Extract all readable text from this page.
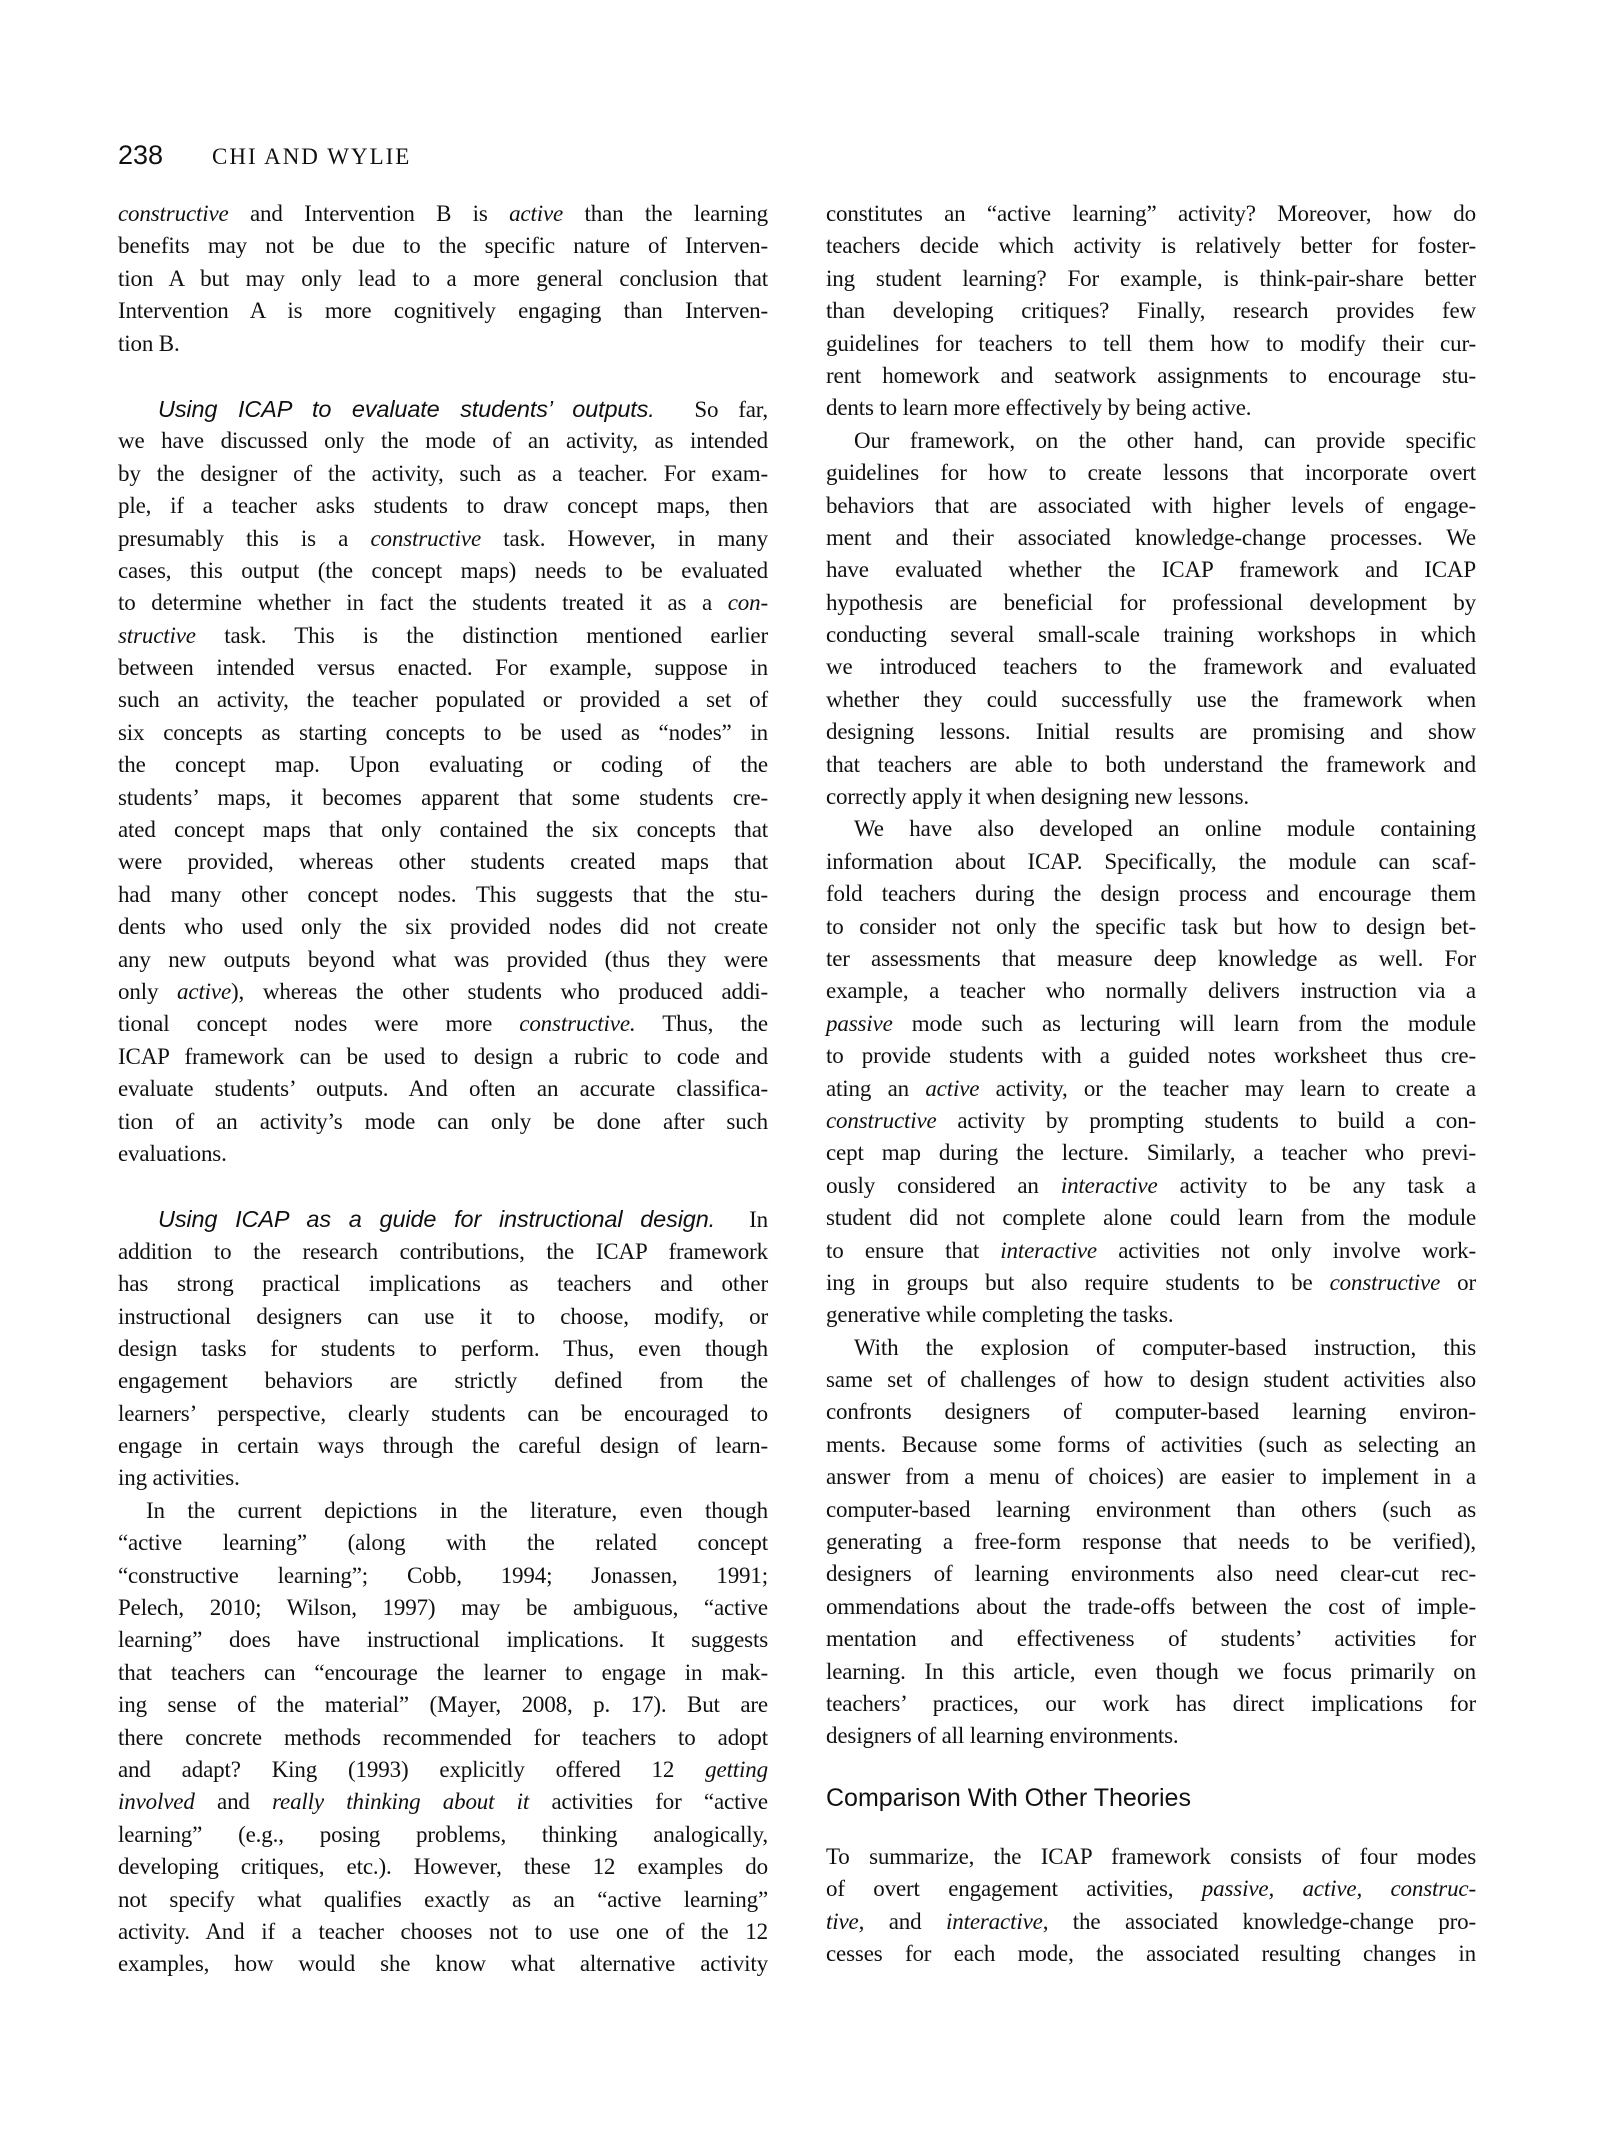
238 CHI AND WYLIE
constructive and Intervention B is active than the learning
benefits may not be due to the specific nature of Interven-
tion A but may only lead to a more general conclusion that
Intervention A is more cognitively engaging than Interven-
tion B.
Using ICAP to evaluate students’ outputs.  So far,
we have discussed only the mode of an activity, as intended
by the designer of the activity, such as a teacher. For exam-
ple, if a teacher asks students to draw concept maps, then
presumably this is a constructive task. However, in many
cases, this output (the concept maps) needs to be evaluated
to determine whether in fact the students treated it as a con-
structive task. This is the distinction mentioned earlier
between intended versus enacted. For example, suppose in
such an activity, the teacher populated or provided a set of
six concepts as starting concepts to be used as “nodes” in
the concept map. Upon evaluating or coding of the
students’ maps, it becomes apparent that some students cre-
ated concept maps that only contained the six concepts that
were provided, whereas other students created maps that
had many other concept nodes. This suggests that the stu-
dents who used only the six provided nodes did not create
any new outputs beyond what was provided (thus they were
only active), whereas the other students who produced addi-
tional concept nodes were more constructive. Thus, the
ICAP framework can be used to design a rubric to code and
evaluate students’ outputs. And often an accurate classifica-
tion of an activity’s mode can only be done after such
evaluations.
Using ICAP as a guide for instructional design.  In
addition to the research contributions, the ICAP framework
has strong practical implications as teachers and other
instructional designers can use it to choose, modify, or
design tasks for students to perform. Thus, even though
engagement behaviors are strictly defined from the
learners’ perspective, clearly students can be encouraged to
engage in certain ways through the careful design of learn-
ing activities.
In the current depictions in the literature, even though
“active learning” (along with the related concept
“constructive learning”; Cobb, 1994; Jonassen, 1991;
Pelech, 2010; Wilson, 1997) may be ambiguous, “active
learning” does have instructional implications. It suggests
that teachers can “encourage the learner to engage in mak-
ing sense of the material” (Mayer, 2008, p. 17). But are
there concrete methods recommended for teachers to adopt
and adapt? King (1993) explicitly offered 12 getting
involved and really thinking about it activities for “active
learning” (e.g., posing problems, thinking analogically,
developing critiques, etc.). However, these 12 examples do
not specify what qualifies exactly as an “active learning”
activity. And if a teacher chooses not to use one of the 12
examples, how would she know what alternative activity
constitutes an “active learning” activity? Moreover, how do
teachers decide which activity is relatively better for foster-
ing student learning? For example, is think-pair-share better
than developing critiques? Finally, research provides few
guidelines for teachers to tell them how to modify their cur-
rent homework and seatwork assignments to encourage stu-
dents to learn more effectively by being active.
Our framework, on the other hand, can provide specific
guidelines for how to create lessons that incorporate overt
behaviors that are associated with higher levels of engage-
ment and their associated knowledge-change processes. We
have evaluated whether the ICAP framework and ICAP
hypothesis are beneficial for professional development by
conducting several small-scale training workshops in which
we introduced teachers to the framework and evaluated
whether they could successfully use the framework when
designing lessons. Initial results are promising and show
that teachers are able to both understand the framework and
correctly apply it when designing new lessons.
We have also developed an online module containing
information about ICAP. Specifically, the module can scaf-
fold teachers during the design process and encourage them
to consider not only the specific task but how to design bet-
ter assessments that measure deep knowledge as well. For
example, a teacher who normally delivers instruction via a
passive mode such as lecturing will learn from the module
to provide students with a guided notes worksheet thus cre-
ating an active activity, or the teacher may learn to create a
constructive activity by prompting students to build a con-
cept map during the lecture. Similarly, a teacher who previ-
ously considered an interactive activity to be any task a
student did not complete alone could learn from the module
to ensure that interactive activities not only involve work-
ing in groups but also require students to be constructive or
generative while completing the tasks.
With the explosion of computer-based instruction, this
same set of challenges of how to design student activities also
confronts designers of computer-based learning environ-
ments. Because some forms of activities (such as selecting an
answer from a menu of choices) are easier to implement in a
computer-based learning environment than others (such as
generating a free-form response that needs to be verified),
designers of learning environments also need clear-cut rec-
ommendations about the trade-offs between the cost of imple-
mentation and effectiveness of students’ activities for
learning. In this article, even though we focus primarily on
teachers’ practices, our work has direct implications for
designers of all learning environments.
Comparison With Other Theories
To summarize, the ICAP framework consists of four modes
of overt engagement activities, passive, active, construc-
tive, and interactive, the associated knowledge-change pro-
cesses for each mode, the associated resulting changes in
